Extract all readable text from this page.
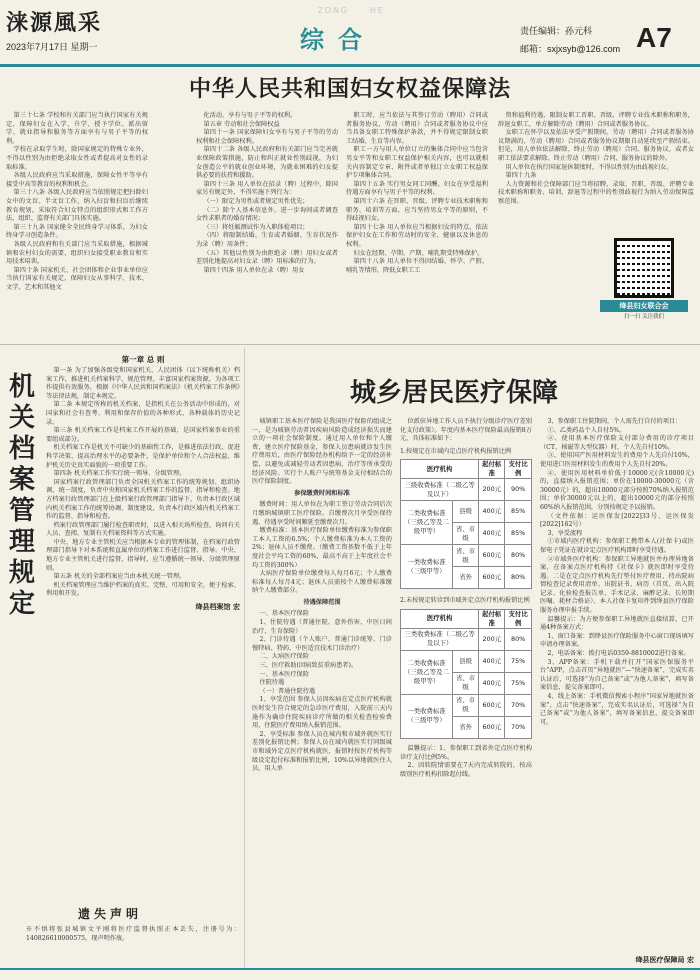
涞源風采
2023年7月17日 星期一
ZONG	HE
综合	责任编辑：孙元科
邮箱：sxjxsyb@126.com A7
中华人民共和国妇女权益保障法

第三十七条 学校和有关部门应当执行国家有关规定，保障妇女在入学、升学、授予学位、派出留学、就业指导和服务等方面享有与男子平等的权利。

学校在录取学生时，除国家规定的特殊专业外，不得以性别为由拒绝录取女性或者提高对女性的录取标准。

各级人民政府应当采取措施，保障女性平等享有接受中高等教育的权利和机会。

第三十八条 各级人民政府应当依照规定把扫除妇女中的文盲、半文盲工作，纳入扫盲和扫盲后继续教育规划，采取符合妇女特点的组织形式和工作方法，组织、监督有关部门具体实施。

第三十九条 国家健全全民终身学习体系，为妇女终身学习创造条件。

各级人民政府和有关部门应当采取措施，根据城镇和农村妇女的需要，组织妇女接受职业教育和实用技术培训。

第四十条 国家机关、社会团体和企业事业单位应当执行国家有关规定，保障妇女从事科学、技术、文学、艺术和其他文

化活动，享有与男子平等的权利。

第五章 劳动和社会保障权益

第四十一条 国家保障妇女享有与男子平等的劳动权利和社会保障权利。

第四十二条 各级人民政府和有关部门应当完善就业保障政策措施，防止和纠正就业性别歧视，为妇女创造公平的就业创业环境，为就业困难的妇女提供必要的扶持和援助。

第四十三条 用人单位在招录（聘）过程中，除国家另有规定外，不得实施下列行为：

（一）限定为男性或者规定男性优先；

（二）除个人基本信息外，进一步询问或者调查女性求职者的婚育情况；

（三）将妊娠测试作为入职体检项目；

（四）将限制结婚、生育或者婚姻、生育状况作为录（聘）用条件；

（五）其他以性别为由拒绝录（聘）用妇女或者差别化地提高对妇女录（聘）用标准的行为。

第四十四条 用人单位在录（聘）用女

职工时，应当依法与其签订劳动（聘用）合同或者服务协议，劳动（聘用）合同或者服务协议中应当具备女职工特殊保护条款，并不得规定限制女职工结婚、生育等内容。

职工一方与用人单位订立的集体合同中应当包含男女平等和女职工权益保护相关内容，也可以就相关内容制定专章、附件或者单独订立女职工权益保护专项集体合同。

第四十五条 实行男女同工同酬。妇女在享受福利待遇方面享有与男子平等的权利。

第四十六条 在晋职、晋级、评聘专业技术职称和职务、培训等方面，应当坚持男女平等的原则，不得歧视妇女。

第四十七条 用人单位应当根据妇女的特点，依法保护妇女在工作和劳动时的安全、健康以及休息的权利。

妇女在经期、孕期、产期、哺乳期受特殊保护。

第四十八条 用人单位不得因结婚、怀孕、产假、哺乳等情形，降低女职工工

资和福利待遇，限制女职工晋职、晋级、评聘专业技术职称和职务，辞退女职工，单方解除劳动（聘用）合同或者服务协议。

女职工在怀孕以及依法享受产假期间，劳动（聘用）合同或者服务协议期满的，劳动（聘用）合同或者服务协议期限自动延续至产假结束。但是，用人单位依法解除、终止劳动（聘用）合同、服务协议，或者女职工依法要求解除、终止劳动（聘用）合同、服务协议的除外。

用人单位在执行国家退休制度时，不得以性别为由歧视妇女。

第四十九条

人力资源和社会保障部门应当将招聘、录取、晋职、晋级、评聘专业技术职称和职务、培训、辞退等过程中的性别歧视行为纳入劳动保障监察范围。

绛县妇女联合会
扫一扫 关注我们
机
关
档
案
管
理
规
定
第一章 总 则

第一条 为了加强各级党和国家机关、人民团体（以下统称机关）档案工作，推进机关档案科学、规范管理，丰富国家档案资源，为各项工作提供有效服务，根据《中华人民共和国档案法》《机关档案工作条例》等法律法规，制定本规定。

第二条 本规定所称的机关档案，是指机关在公务活动中形成的，对国家和社会有查考、利用和保存价值的各种形式、各种载体的历史记录。

第三条 机关档案工作是档案工作开展的基础，是国家档案事业的重要组成部分。

机关档案工作是机关不可缺少的基础性工作，是推进依法行政、促进科学决策、提高治理水平的必要条件，是保护单位和个人合法权益、维护机关历史真实面貌的一项重要工作。

第四条 机关档案工作实行统一领导、分级管理。

国家档案行政管理部门负责全国机关档案工作的统筹规划、组织协调、统一制度，负责中央和国家机关档案工作的监督、指导和检查。地方档案行政管理部门在上级档案行政管理部门指导下，负责本行政区域内机关档案工作的统筹协调、制度建设，负责本行政区域内机关档案工作的监督、指导和检查。

档案行政管理部门履行检查职责时，以进入相关场所检查、询问有关人员、查阅、复制有关档案资料等方式实施。

中央、地方专业主管机关应当根据本专业的管理体制，在档案行政管理部门指导下对本系统和直属单位的档案工作进行监督、指导。中央、地方专业主管机关进行监督、指导时，应当遵循统一领导、分级管理原则。

第五条 机关的全部档案应当由本机关统一管理。

机关档案管理应当维护档案的真实、完整、可用和安全，便于检索、利用和开发。

绛县档案馆 宏
遗失声明
※不慎将张县城镇文平刚将医疗监督执照正本丢失，注册号为：140826610000575，现声明作废。
城乡居民医疗保障

城镇职工基本医疗保险是我国医疗保险的组成之一，是为城镇劳动者因疾病风险造成经济损失而建立的一项社会保险制度。通过用人单位和个人缴费，建立医疗保险基金，参保人员患病就诊发生医疗费用后，由医疗保险经办机构给予一定的经济补偿，以避免或减轻劳动者因患病、治疗等所承受的经济风险。实行个人账户与统筹基金支付相结合的医疗保险制度。

参保缴费时间和标准

缴费时间：用人单位在为职工签订劳动合同后次月缴纳城镇职工医疗保险。自缴费次月享受医保待遇，待遇享受时间顺延至缴费次月。

缴费标准：基本医疗保险单位缴费标准为参保职工本人工资的6.5%；个人缴费标准为本人工资的2%；退休人员不缴费。（缴费工资基数不低于上年度社会平均工资的60%，最高不高于上年度社会平均工资的300%）

大病医疗保险单位缴费每人每月6元；个人缴费标准每人每月4元；退休人员需按个人缴费标准缴纳个人缴费部分。

待遇保障范围

一、基本医疗保险

1、住院待遇（普通住院、意外伤害、中医日间治疗、生育保险）

2、门诊待遇（个人账户、普通门诊统筹、门诊慢特病、特药、中医适宜技术门诊治疗）

二、大病医疗保险

三、医疗救助(因病致贫重病患者)。

一、基本医疗保险

住院待遇

（一）普通住院待遇

1、享受范围 参保人员因疾病在定点医疗机构就医时发生符合规定的急诊医疗费用，入院前三天内施作为确诊住院疾病诊疗所做的相关检查检验费用，住院医疗费用纳入报销范围。

2、享受标准 参保人员在城内和市域外就医实行差别化报销比例；参保人员在域内就医实行同级城市和域外定点医疗机构就医，报销时按医疗机构等级设定起付标准和报销比例，10%以异地就医住人员，用人单

位派驻异地工作人员不执行分级诊疗医疗差别化支付政策）。年度内基本医疗保险最高报销8万元，具体标准如下：

1.按规定在市域内定点医疗机构报销比例
医疗机构		起付标准	支付比例
三级收费标准（二级乙等及以下）		200元	90%
二类收费标准（三级乙等及二级甲等）	县级	400元	85%
	省、市级	400元	85%
一类收费标准（三级甲等）	省、市级	600元	80%
	省外	600元	80%
2.未按规定转诊到市域外定点医疗机构报销比例
医疗机构		起付标准	支付比例
三类收费标准（二级乙等及以下）		200元	80%
二类收费标准（三级乙等及二级甲等）	县级	400元	75%
	省、市级	400元	75%
一类收费标准（三级甲等）	省、市级	600元	70%
	省外	600元	70%

温馨提示：1、参保职工到省外定点医疗机构诊疗支付比例5%。

2、因转院情需要在7天内完成转院的，按高级别医疗机构扣除起付线。

3、参保职工住院期间，个人需先行自付的项目：

①、乙类药品个人自付5%。

②、使用基本医疗保险支付部分费用的诊疗项目（CT、核磁等大型仪器）时，个人先自付10%。

③、使用国产医用材料发生的费用个人先自付10%，使用进口医用材料发生的费用个人先自付20%。

④、使用医用材料单价低于10000元(含10000元)的，直接纳入报销范围；单价在10000-30000元（含30000元）的，超出10000元部分按照70%纳入报销范围；单价30000元以上的，超出10000元的部分按照60%纳入报销范围，分别按规定予以报销。

（文件依据：运医保发[2022]33号、运医保发[2022]162号）

3、享受流程

①市域内医疗机构：参保职工携带本人(社保卡)或医保电子凭证在就诊定点医疗机构即时享受待遇。

②市域外医疗机构：参保职工异地就医并办理异地备案，在备案点医疗机构持《社保卡》就医即时享受待遇。二是在定点医疗机构先行垫付医疗费用，持出院病情检查记录费用清单、出院证书、病历（首页、出入院记录、化验检查报告单、手术记录、麻醉记录、长短期医嘱、耗材合格证）、本人社保卡复印件到绛县医疗保险服务办理申报手续。

温馨提示：为方便参保职工异地就医直接结算，已开通4种备案方式：

1、窗口备案：到绛县医疗保险服务中心窗口现场填写申请办理备案。

2、电话备案：拨打电话0359-8810002进行备案。

3、APP备案：手机下载并打开“国家医保服务平台”APP，点击首页“异地就医”—“快速备案”，完成实名认证后，可选择“为自己备案”或“为他人备案”，填写备案信息，提交备案即可。

4、线上备案：手机微信搜索小程序“国家异地就医备案”，点击“快速备案”，完成实名认证后，可选择“为自己备案”或“为他人备案”，填写备案信息，提交备案即可。

绛县医疗保障局 宏
